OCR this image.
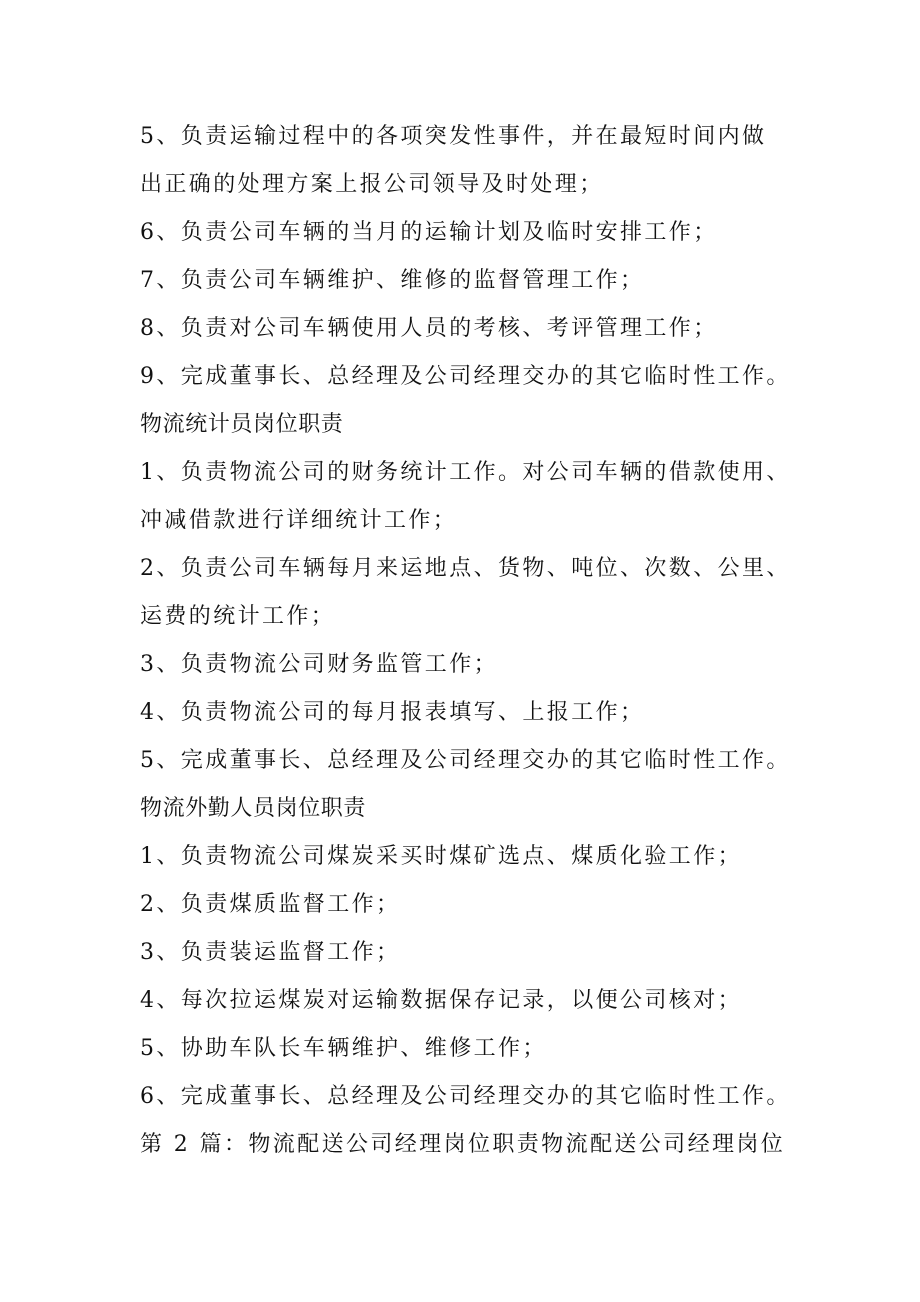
5、负责运输过程中的各项突发性事件，并在最短时间内做
出正确的处理方案上报公司领导及时处理；
6、负责公司车辆的当月的运输计划及临时安排工作；
7、负责公司车辆维护、维修的监督管理工作；
8、负责对公司车辆使用人员的考核、考评管理工作；
9、完成董事长、总经理及公司经理交办的其它临时性工作。
物流统计员岗位职责
1、负责物流公司的财务统计工作。对公司车辆的借款使用、
冲减借款进行详细统计工作；
2、负责公司车辆每月来运地点、货物、吨位、次数、公里、
运费的统计工作；
3、负责物流公司财务监管工作；
4、负责物流公司的每月报表填写、上报工作；
5、完成董事长、总经理及公司经理交办的其它临时性工作。
物流外勤人员岗位职责
1、负责物流公司煤炭采买时煤矿选点、煤质化验工作；
2、负责煤质监督工作；
3、负责装运监督工作；
4、每次拉运煤炭对运输数据保存记录，以便公司核对；
5、协助车队长车辆维护、维修工作；
6、完成董事长、总经理及公司经理交办的其它临时性工作。
第 2 篇：物流配送公司经理岗位职责物流配送公司经理岗位
